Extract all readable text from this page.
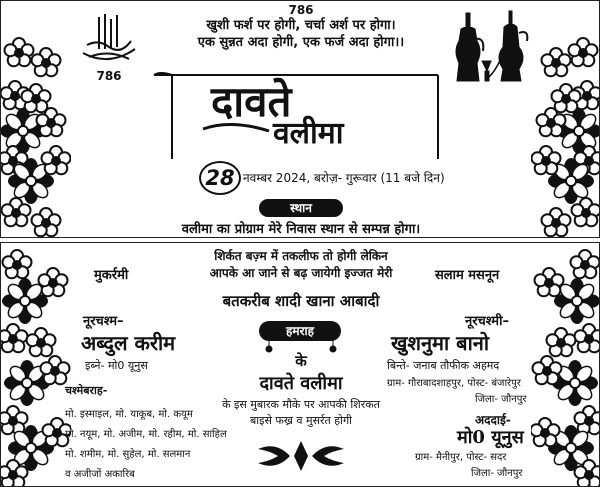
786
खुशी फर्श पर होगी, चर्चा अर्श पर होगा।
एक सुन्नत अदा होगी, एक फर्ज अदा होगा।।
786
दावते
वलीमा
28 नवम्बर 2024, बरोज़- गुरूवार (11 बजे दिन)
स्थान
वलीमा का प्रोग्राम मेरे निवास स्थान से सम्पन्न होगा।
शिर्कत बज़्म में तकलीफ तो होगी लेकिन
आपके आ जाने से बढ़ जायेगी इज्जत मेरी
मुकर्रमी	सलाम मसनून
बतकरीब शादी खाना आबादी
नूरचश्म–
अब्दुल करीम
इब्ने- मो0 यूनुस
नूरचश्मी–
खुशनुमा बानो
बिन्ते- जनाब तौफीक अहमद
ग्राम- गौराबादशाहपुर, पोस्ट- बंजारेपुर
जिला- जौनपुर
हमराह
के
दावते वलीमा
के इस मुबारक मौके पर आपकी शिरकत
बाइसे फख्र व मुसर्रत होगी
चश्मेबराह-
मो. इस्माइल, मो. याकूब, मो. कयूम
मो. नयूम, मो. अजीम, मो. रहीम, मो. साहिल
मो. शमीम, मो. सुहेल, मो. सलमान
व अजीजों अकारिब
अददाई-
मो0 यूनुस
ग्राम- मैनीपुर, पोस्ट- सदर
जिला- जौनपुर
